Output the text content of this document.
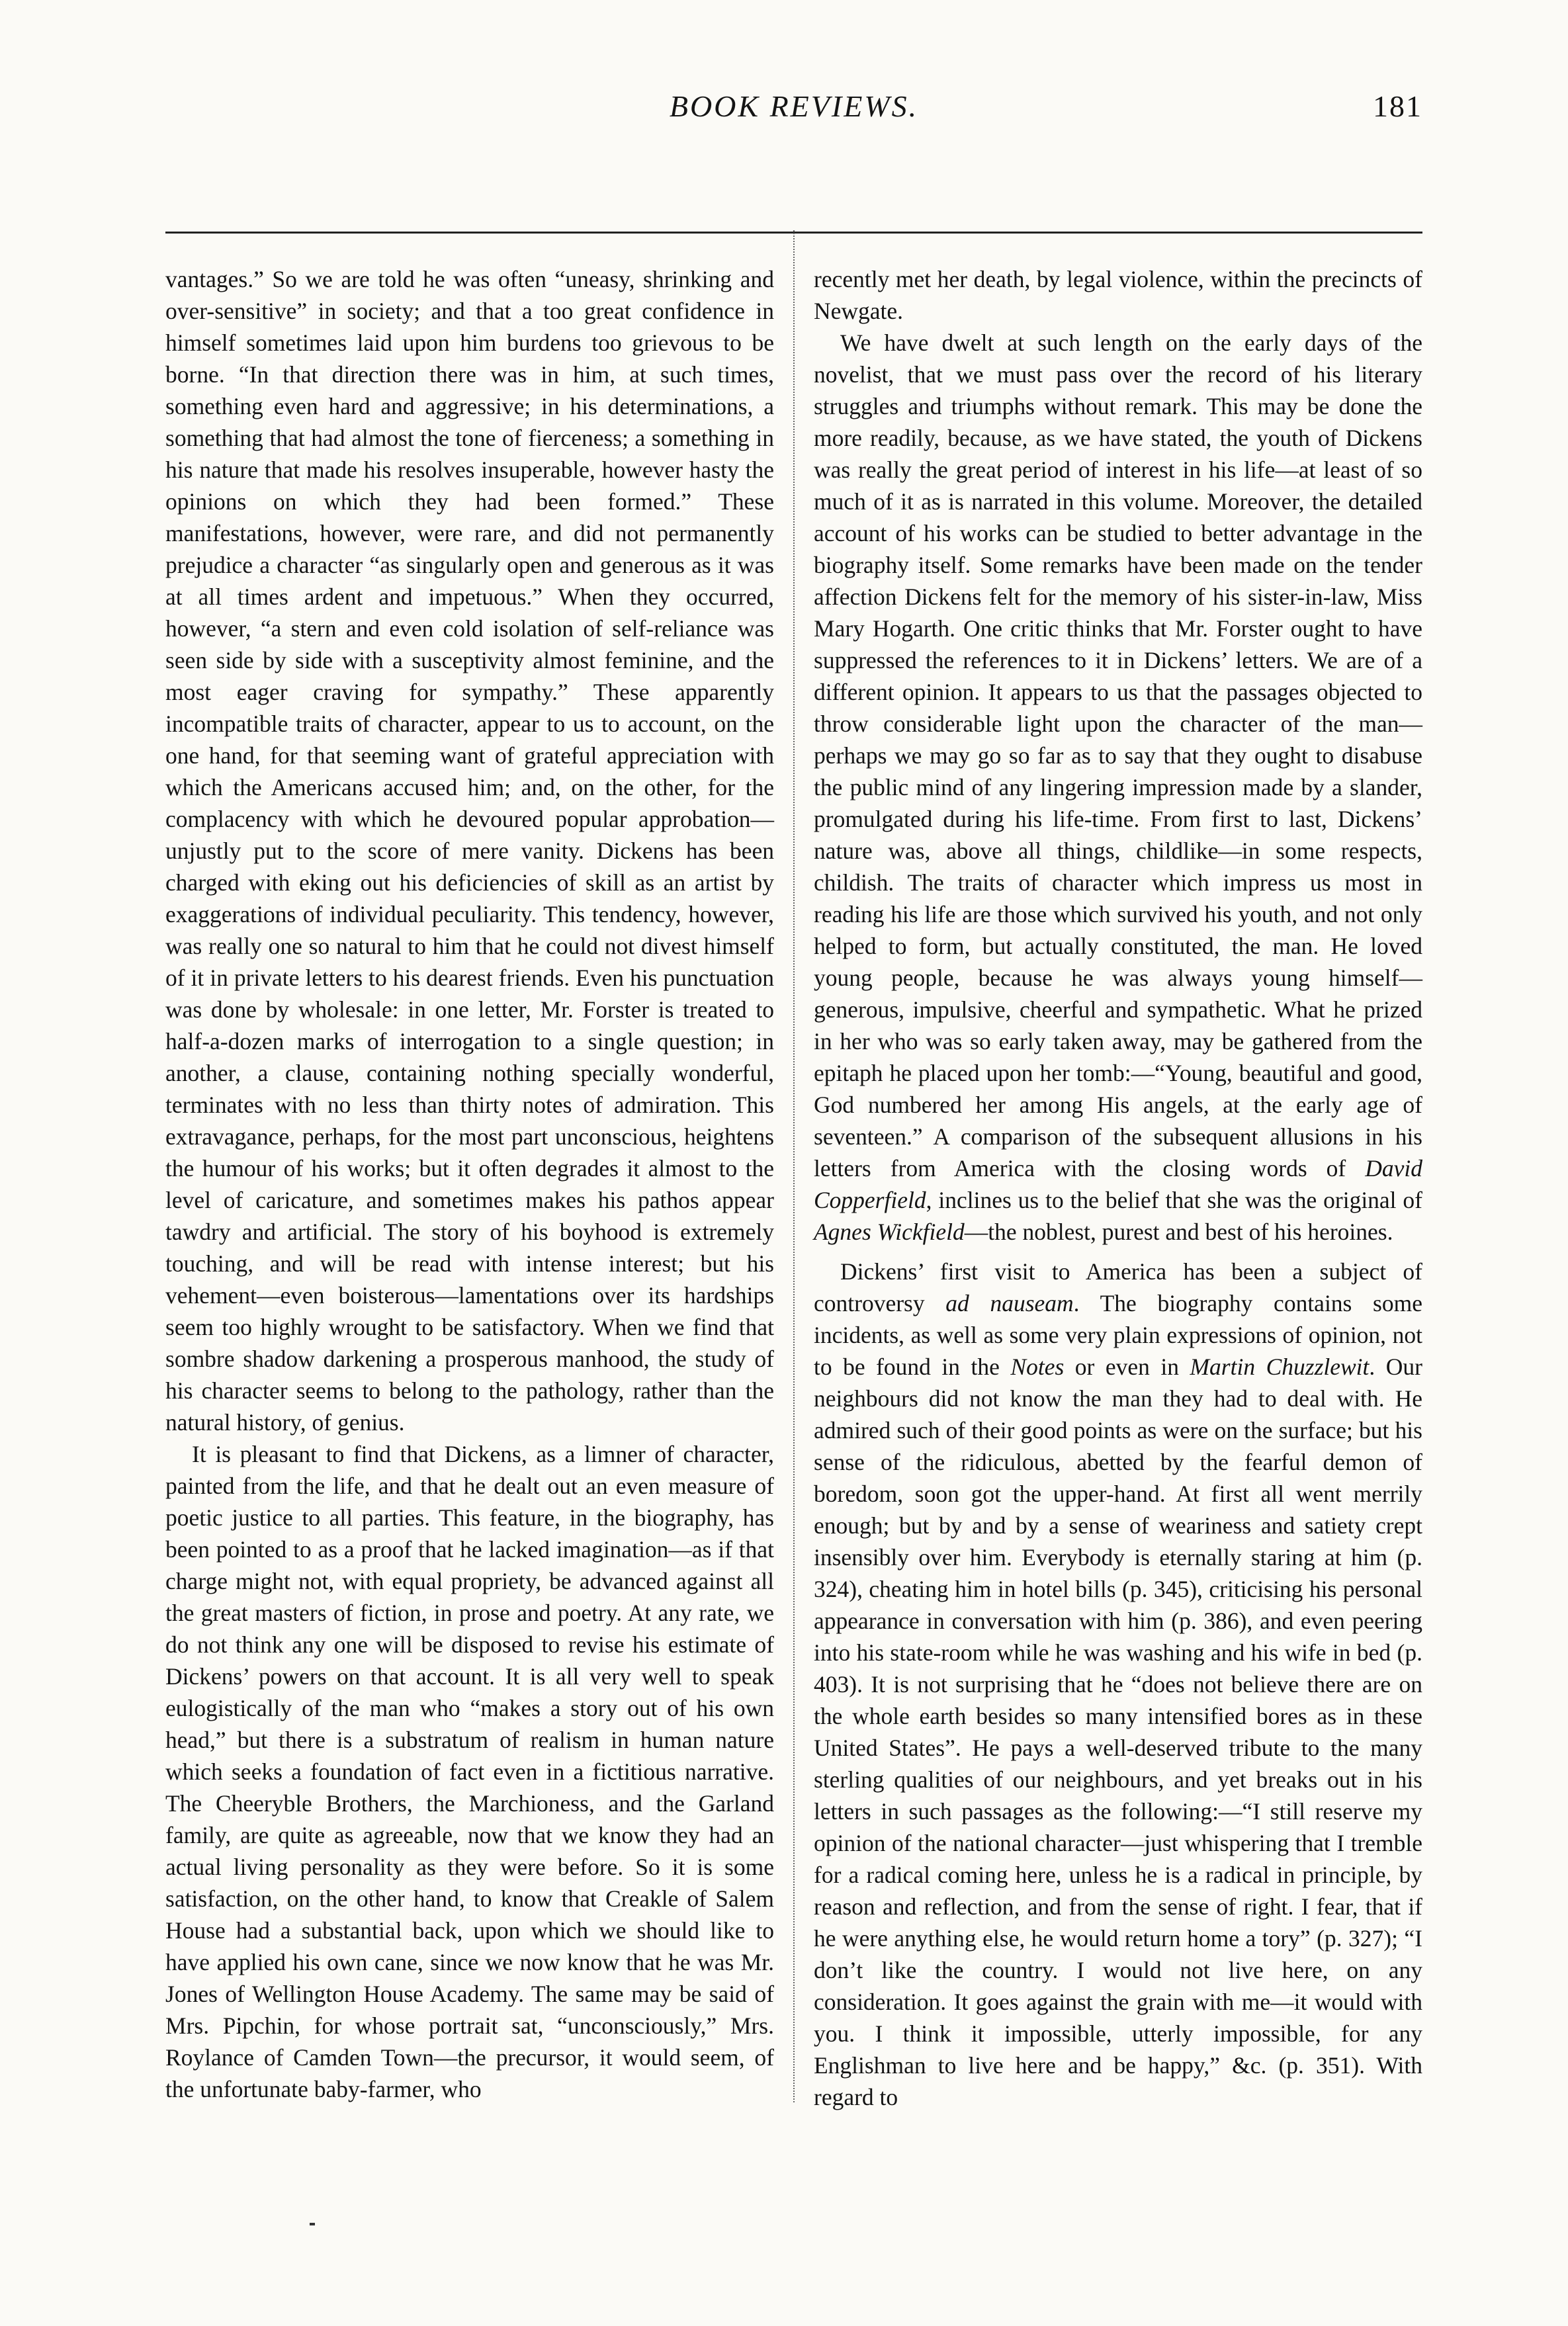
BOOK REVIEWS.	181

vantages.” So we are told he was often “uneasy, shrinking and over-sensitive” in society; and that a too great confidence in himself sometimes laid upon him burdens too grievous to be borne. “In that direction there was in him, at such times, something even hard and aggressive; in his determinations, a something that had almost the tone of fierceness; a something in his nature that made his resolves insuperable, however hasty the opinions on which they had been formed.” These manifestations, however, were rare, and did not permanently prejudice a character “as singularly open and generous as it was at all times ardent and impetuous.” When they occurred, however, “a stern and even cold isolation of self-reliance was seen side by side with a susceptivity almost feminine, and the most eager craving for sympathy.” These apparently incompatible traits of character, appear to us to account, on the one hand, for that seeming want of grateful appreciation with which the Americans accused him; and, on the other, for the complacency with which he devoured popular approbation—unjustly put to the score of mere vanity. Dickens has been charged with eking out his deficiencies of skill as an artist by exaggerations of individual peculiarity. This tendency, however, was really one so natural to him that he could not divest himself of it in private letters to his dearest friends. Even his punctuation was done by wholesale: in one letter, Mr. Forster is treated to half-a-dozen marks of interrogation to a single question; in another, a clause, containing nothing specially wonderful, terminates with no less than thirty notes of admiration. This extravagance, perhaps, for the most part unconscious, heightens the humour of his works; but it often degrades it almost to the level of caricature, and sometimes makes his pathos appear tawdry and artificial. The story of his boyhood is extremely touching, and will be read with intense interest; but his vehement—even boisterous—lamentations over its hardships seem too highly wrought to be satisfactory. When we find that sombre shadow darkening a prosperous manhood, the study of his character seems to belong to the pathology, rather than the natural history, of genius.

It is pleasant to find that Dickens, as a limner of character, painted from the life, and that he dealt out an even measure of poetic justice to all parties. This feature, in the biography, has been pointed to as a proof that he lacked imagination—as if that charge might not, with equal propriety, be advanced against all the great masters of fiction, in prose and poetry. At any rate, we do not think any one will be disposed to revise his estimate of Dickens’ powers on that account. It is all very well to speak eulogistically of the man who “makes a story out of his own head,” but there is a substratum of realism in human nature which seeks a foundation of fact even in a fictitious narrative. The Cheeryble Brothers, the Marchioness, and the Garland family, are quite as agreeable, now that we know they had an actual living personality as they were before. So it is some satisfaction, on the other hand, to know that Creakle of Salem House had a substantial back, upon which we should like to have applied his own cane, since we now know that he was Mr. Jones of Wellington House Academy. The same may be said of Mrs. Pipchin, for whose portrait sat, “unconsciously,” Mrs. Roylance of Camden Town—the precursor, it would seem, of the unfortunate baby-farmer, who

recently met her death, by legal violence, within the precincts of Newgate.

We have dwelt at such length on the early days of the novelist, that we must pass over the record of his literary struggles and triumphs without remark. This may be done the more readily, because, as we have stated, the youth of Dickens was really the great period of interest in his life—at least of so much of it as is narrated in this volume. Moreover, the detailed account of his works can be studied to better advantage in the biography itself. Some remarks have been made on the tender affection Dickens felt for the memory of his sister-in-law, Miss Mary Hogarth. One critic thinks that Mr. Forster ought to have suppressed the references to it in Dickens’ letters. We are of a different opinion. It appears to us that the passages objected to throw considerable light upon the character of the man—perhaps we may go so far as to say that they ought to disabuse the public mind of any lingering impression made by a slander, promulgated during his life-time. From first to last, Dickens’ nature was, above all things, childlike—in some respects, childish. The traits of character which impress us most in reading his life are those which survived his youth, and not only helped to form, but actually constituted, the man. He loved young people, because he was always young himself—generous, impulsive, cheerful and sympathetic. What he prized in her who was so early taken away, may be gathered from the epitaph he placed upon her tomb:—“Young, beautiful and good, God numbered her among His angels, at the early age of seventeen.” A comparison of the subsequent allusions in his letters from America with the closing words of David Copperfield, inclines us to the belief that she was the original of Agnes Wickfield—the noblest, purest and best of his heroines.

Dickens’ first visit to America has been a subject of controversy ad nauseam. The biography contains some incidents, as well as some very plain expressions of opinion, not to be found in the Notes or even in Martin Chuzzlewit. Our neighbours did not know the man they had to deal with. He admired such of their good points as were on the surface; but his sense of the ridiculous, abetted by the fearful demon of boredom, soon got the upper-hand. At first all went merrily enough; but by and by a sense of weariness and satiety crept insensibly over him. Everybody is eternally staring at him (p. 324), cheating him in hotel bills (p. 345), criticising his personal appearance in conversation with him (p. 386), and even peering into his state-room while he was washing and his wife in bed (p. 403). It is not surprising that he “does not believe there are on the whole earth besides so many intensified bores as in these United States”. He pays a well-deserved tribute to the many sterling qualities of our neighbours, and yet breaks out in his letters in such passages as the following:—“I still reserve my opinion of the national character—just whispering that I tremble for a radical coming here, unless he is a radical in principle, by reason and reflection, and from the sense of right. I fear, that if he were anything else, he would return home a tory” (p. 327); “I don’t like the country. I would not live here, on any consideration. It goes against the grain with me—it would with you. I think it impossible, utterly impossible, for any Englishman to live here and be happy,” &c. (p. 351). With regard to
